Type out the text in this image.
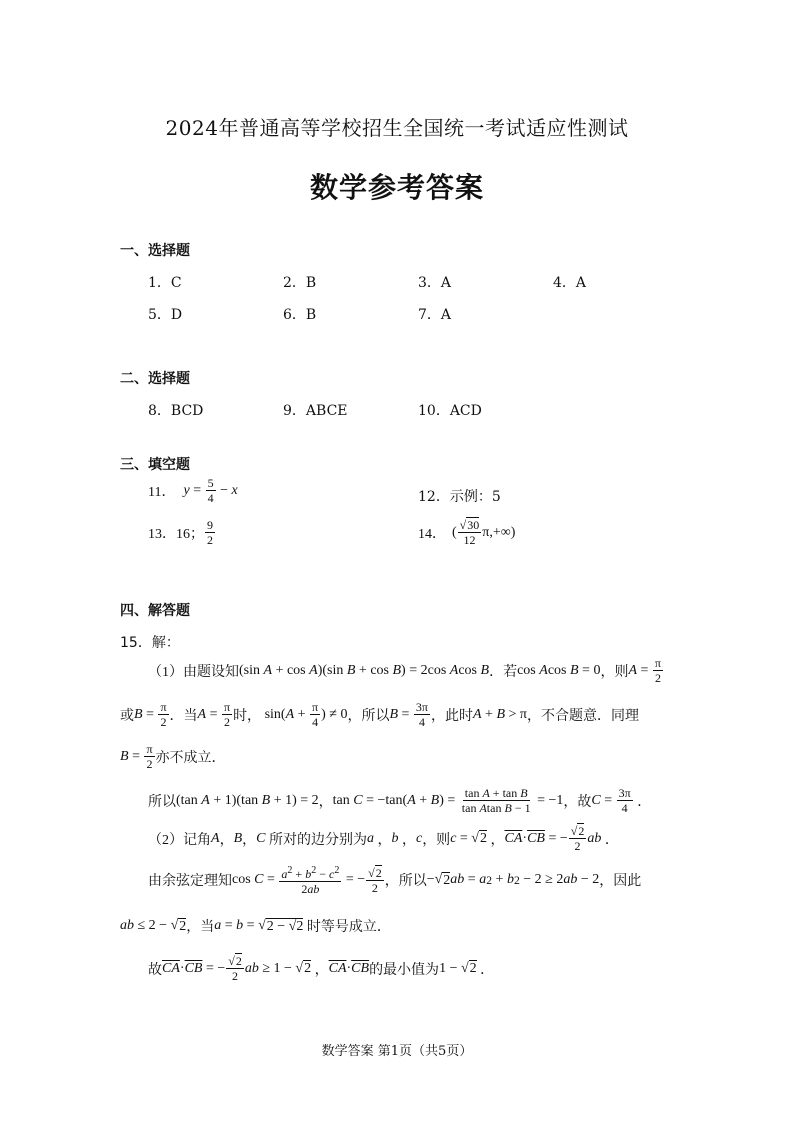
2024年普通高等学校招生全国统一考试适应性测试
数学参考答案
一、选择题
1．C	2．B	3．A	4．A
5．D	6．B	7．A
二、选择题
8．BCD	9．ABCE	10．ACD
三、填空题
11． $y = \frac{5}{4} - x$	12．示例：5
13．16； $\frac{9}{2}$	14． ( $\frac{√30}{12} \pi,+\infty$)
四、解答题
15．解：
（1）由题设知 (sin A + cos A )(sin B + cos B ) = 2cos A cos B ．若 cos A cos B = 0 ，则 $A = \frac{\pi}{2}$
或 $B = \frac{\pi}{2}$ ．当 $A = \frac{\pi}{2}$ 时， sin( $A + \frac{\pi}{4}$ ) ≠ 0 ，所以 $B = \frac{3\pi}{4}$ ，此时 A + B > π ，不合题意．同理
$B = \frac{\pi}{2}$ 亦不成立．
所以 (tan A + 1)(tan B + 1) = 2 ， tan C = −tan( A + B ) = $\frac{\text{tan A + tan B}}{\text{tan Atan B − 1}} = -1$ ，故 $C = \frac{3\pi}{4}$ ．
（2）记角 A ， B ， C
所对的边分别为 a ， b ， c ，则 c = √ 2 ， $\overline{CA} \cdot \overline{CB}$ = − $\frac{√2}{2}$ ab ．
由余弦定理知 $\cos C = \frac{a^2 + b^2 - c^2}{2ab}$ = − $\frac{√2}{2}$ ，所以 −√ 2 ab = a 2 + b 2 − 2 ≥ 2 ab − 2 ，因此
ab ≤ 2 − √ 2 ，当 a = b = √ 2 − √2
时等号成立．
故 $\overline{CA} \cdot \overline{CB}$ = − $\frac{√2}{2}$ ab ≥ 1 − √ 2 ， $\overline{CA} \cdot \overline{CB}$ 的最小值为 1 − √ 2 ．
数学答案 第1页（共5页）
